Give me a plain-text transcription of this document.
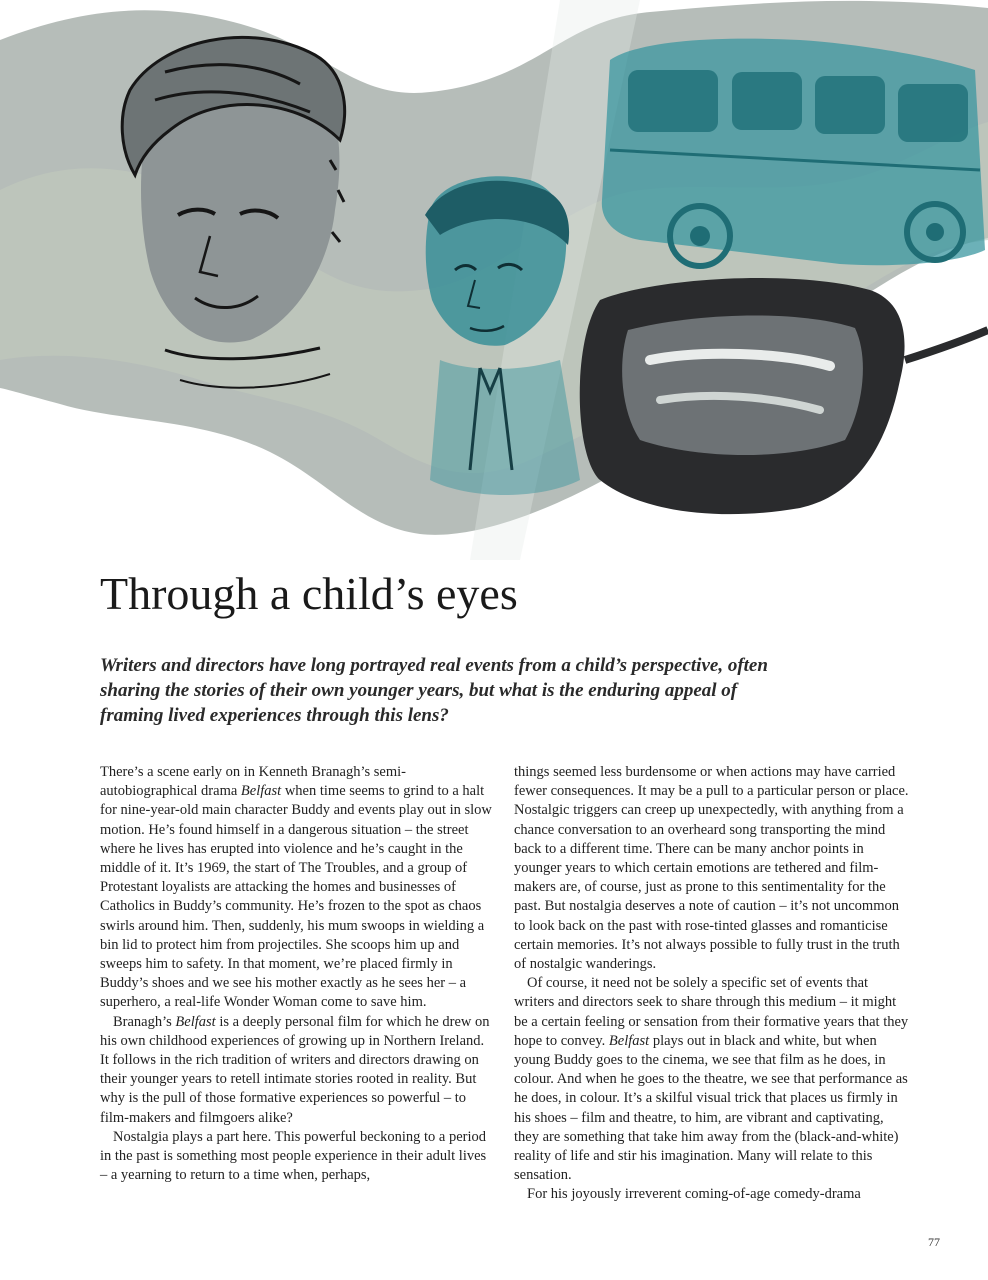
Through a child’s eyes

Writers and directors have long portrayed real events from a child’s perspective, often sharing the stories of their own younger years, but what is the enduring appeal of framing lived experiences through this lens?

There’s a scene early on in Kenneth Branagh’s semi-autobiographical drama Belfast when time seems to grind to a halt for nine-year-old main character Buddy and events play out in slow motion. He’s found himself in a dangerous situation – the street where he lives has erupted into violence and he’s caught in the middle of it. It’s 1969, the start of The Troubles, and a group of Protestant loyalists are attacking the homes and businesses of Catholics in Buddy’s community. He’s frozen to the spot as chaos swirls around him. Then, suddenly, his mum swoops in wielding a bin lid to protect him from projectiles. She scoops him up and sweeps him to safety. In that moment, we’re placed firmly in Buddy’s shoes and we see his mother exactly as he sees her – a superhero, a real-life Wonder Woman come to save him.

Branagh’s Belfast is a deeply personal film for which he drew on his own childhood experiences of growing up in Northern Ireland. It follows in the rich tradition of writers and directors drawing on their younger years to retell intimate stories rooted in reality. But why is the pull of those formative experiences so powerful – to film-makers and filmgoers alike?

Nostalgia plays a part here. This powerful beckoning to a period in the past is something most people experience in their adult lives – a yearning to return to a time when, perhaps,

things seemed less burdensome or when actions may have carried fewer consequences. It may be a pull to a particular person or place. Nostalgic triggers can creep up unexpectedly, with anything from a chance conversation to an overheard song transporting the mind back to a different time. There can be many anchor points in younger years to which certain emotions are tethered and film-makers are, of course, just as prone to this sentimentality for the past. But nostalgia deserves a note of caution – it’s not uncommon to look back on the past with rose-tinted glasses and romanticise certain memories. It’s not always possible to fully trust in the truth of nostalgic wanderings.

Of course, it need not be solely a specific set of events that writers and directors seek to share through this medium – it might be a certain feeling or sensation from their formative years that they hope to convey. Belfast plays out in black and white, but when young Buddy goes to the cinema, we see that film as he does, in colour. And when he goes to the theatre, we see that performance as he does, in colour. It’s a skilful visual trick that places us firmly in his shoes – film and theatre, to him, are vibrant and captivating, they are something that take him away from the (black-and-white) reality of life and stir his imagination. Many will relate to this sensation.

For his joyously irreverent coming-of-age comedy-drama

77
